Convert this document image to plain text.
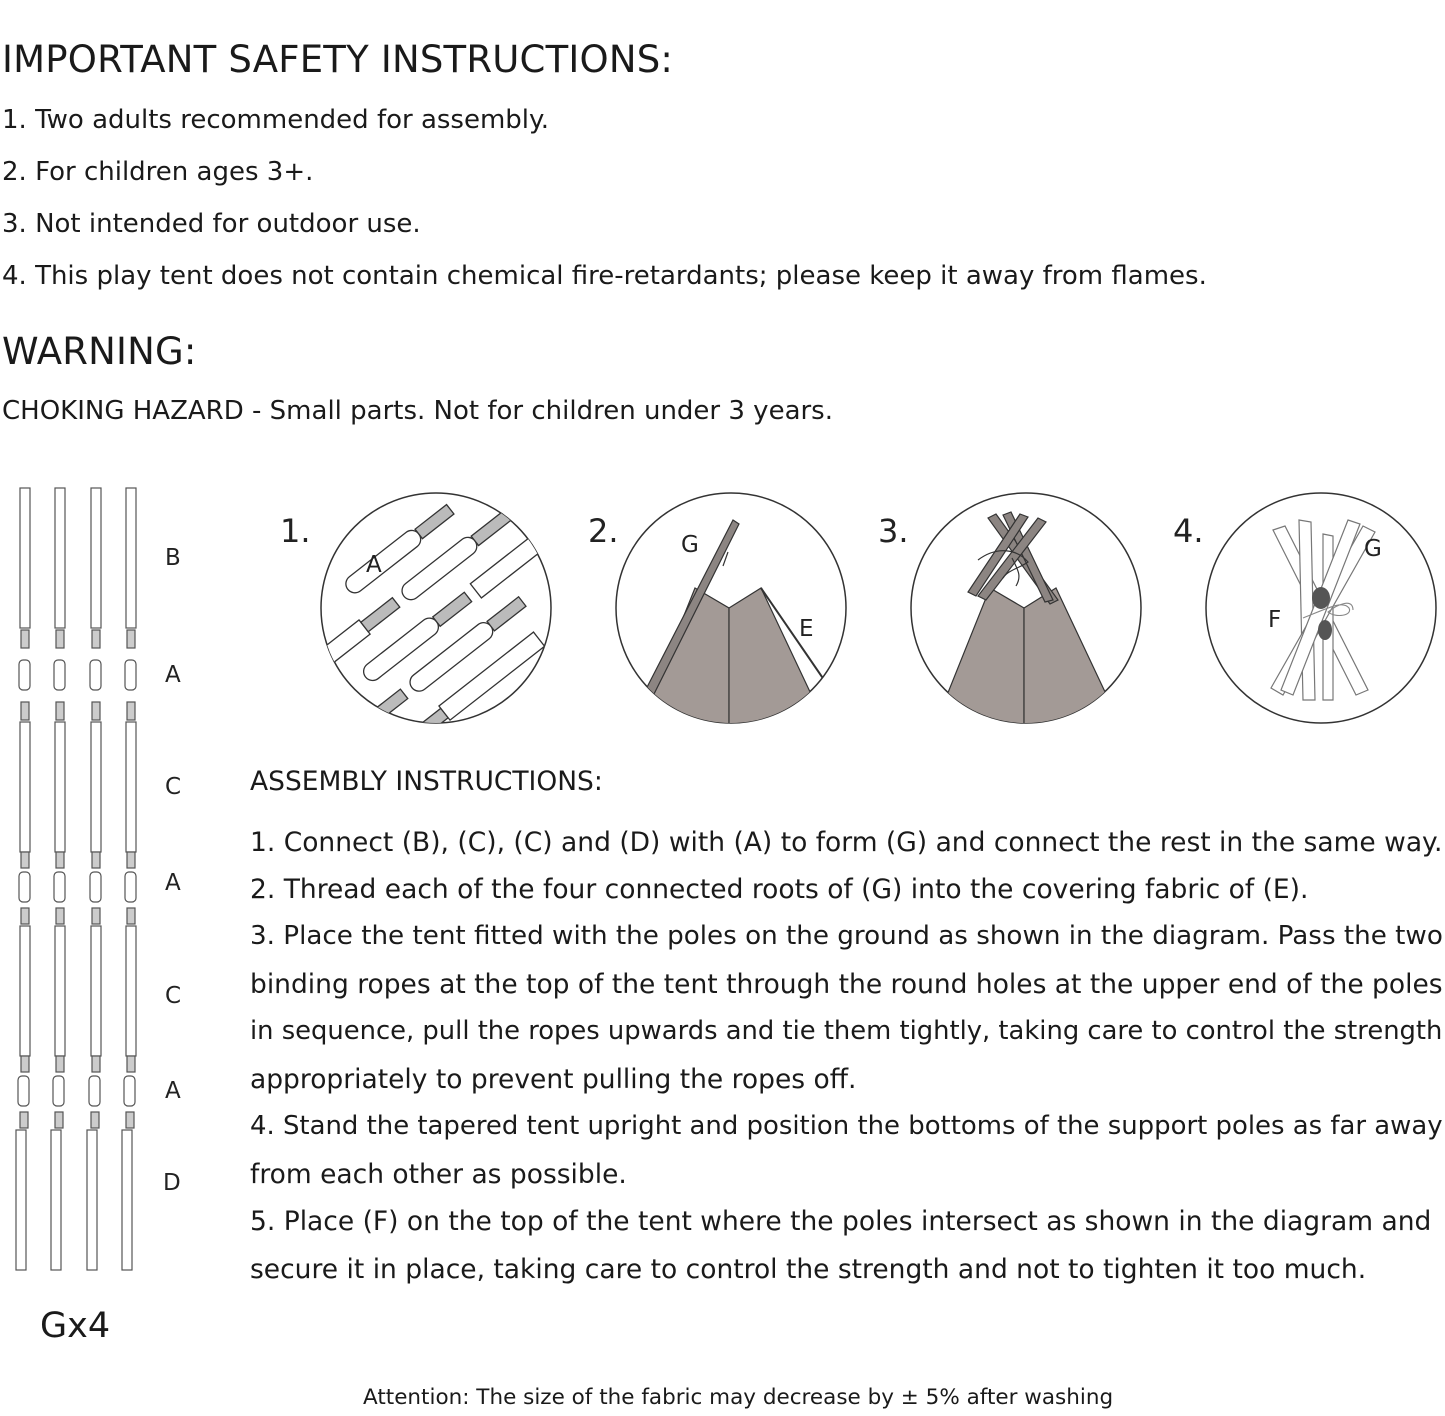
IMPORTANT SAFETY INSTRUCTIONS:
1. Two adults recommended for assembly.
2. For children ages 3+.
3. Not intended for outdoor use.
4. This play tent does not contain chemical fire-retardants; please keep it away from flames.
WARNING:
CHOKING HAZARD - Small parts. Not for children under 3 years.
B
A
C
A
C
A
D
Gx4
1.	2.	3.	4.
A
G
E
G
F
ASSEMBLY INSTRUCTIONS:
1. Connect (B), (C), (C) and (D) with (A) to form (G) and connect the rest in the same way.
2. Thread each of the four connected roots of (G) into the covering fabric of (E).
3. Place the tent fitted with the poles on the ground as shown in the diagram. Pass the two
binding ropes at the top of the tent through the round holes at the upper end of the poles
in sequence, pull the ropes upwards and tie them tightly, taking care to control the strength
appropriately to prevent pulling the ropes off.
4. Stand the tapered tent upright and position the bottoms of the support poles as far away
from each other as possible.
5. Place (F) on the top of the tent where the poles intersect as shown in the diagram and
secure it in place, taking care to control the strength and not to tighten it too much.
Attention: The size of the fabric may decrease by ± 5% after washing
